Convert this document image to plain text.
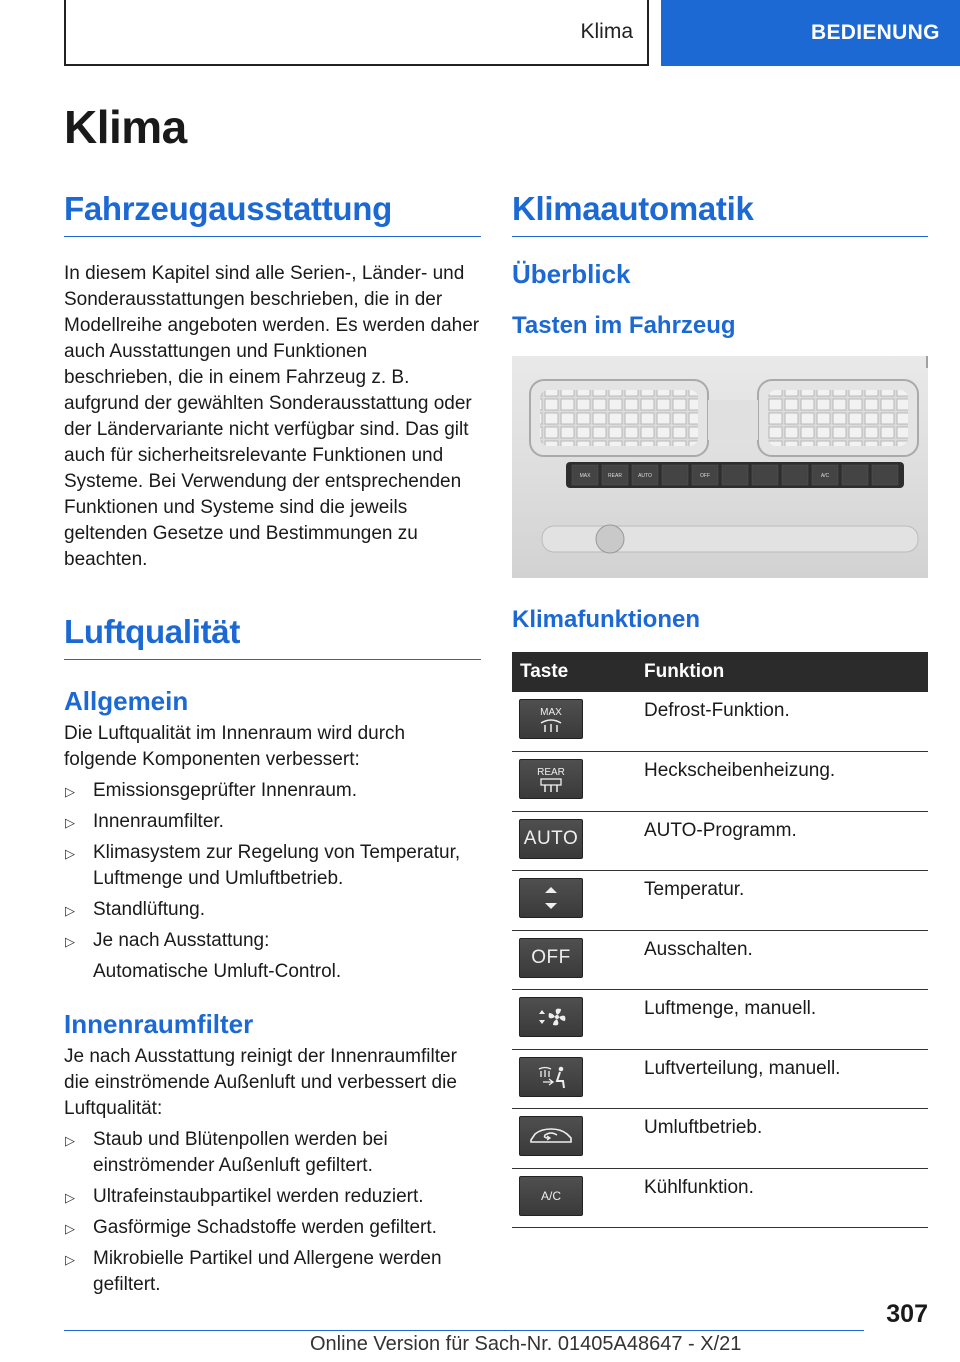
Klima	BEDIENUNG
Klima
Fahrzeugausstattung

In diesem Kapitel sind alle Serien-, Länder- und Sonderausstattungen beschrieben, die in der Modellreihe angeboten werden. Es werden daher auch Ausstattungen und Funktionen beschrieben, die in einem Fahrzeug z. B. aufgrund der gewählten Sonderausstattung oder der Ländervariante nicht verfügbar sind. Das gilt auch für sicherheitsrelevante Funktionen und Systeme. Bei Verwendung der entsprechenden Funktionen und Systeme sind die jeweils geltenden Gesetze und Bestimmungen zu beachten.

Luftqualität
Allgemein

Die Luftqualität im Innenraum wird durch folgende Komponenten verbessert:

▷ Emissionsgeprüfter Innenraum.
▷ Innenraumfilter.
▷ Klimasystem zur Regelung von Temperatur, Luftmenge und Umluftbetrieb.
▷ Standlüftung.
▷ Je nach Ausstattung:
Automatische Umluft-Control.
Innenraumfilter

Je nach Ausstattung reinigt der Innenraumfilter die einströmende Außenluft und verbessert die Luftqualität:

▷ Staub und Blütenpollen werden bei einströmender Außenluft gefiltert.
▷ Ultrafeinstaubpartikel werden reduziert.
▷ Gasförmige Schadstoffe werden gefiltert.
▷ Mikrobielle Partikel und Allergene werden gefiltert.
Klimaautomatik
Überblick
Tasten im Fahrzeug
MAX	REAR	AUTO	OFF	A/C
Klimafunktionen
Taste	Funktion

MAX	Defrost-Funktion.

REAR	Heckscheibenheizung.

AUTO	AUTO-Programm.

	Temperatur.

OFF	Ausschalten.

	Luftmenge, manuell.

	Luftverteilung, manuell.

	Umluftbetrieb.

A/C	Kühlfunktion.
307
Online Version für Sach-Nr. 01405A48647 - X/21
